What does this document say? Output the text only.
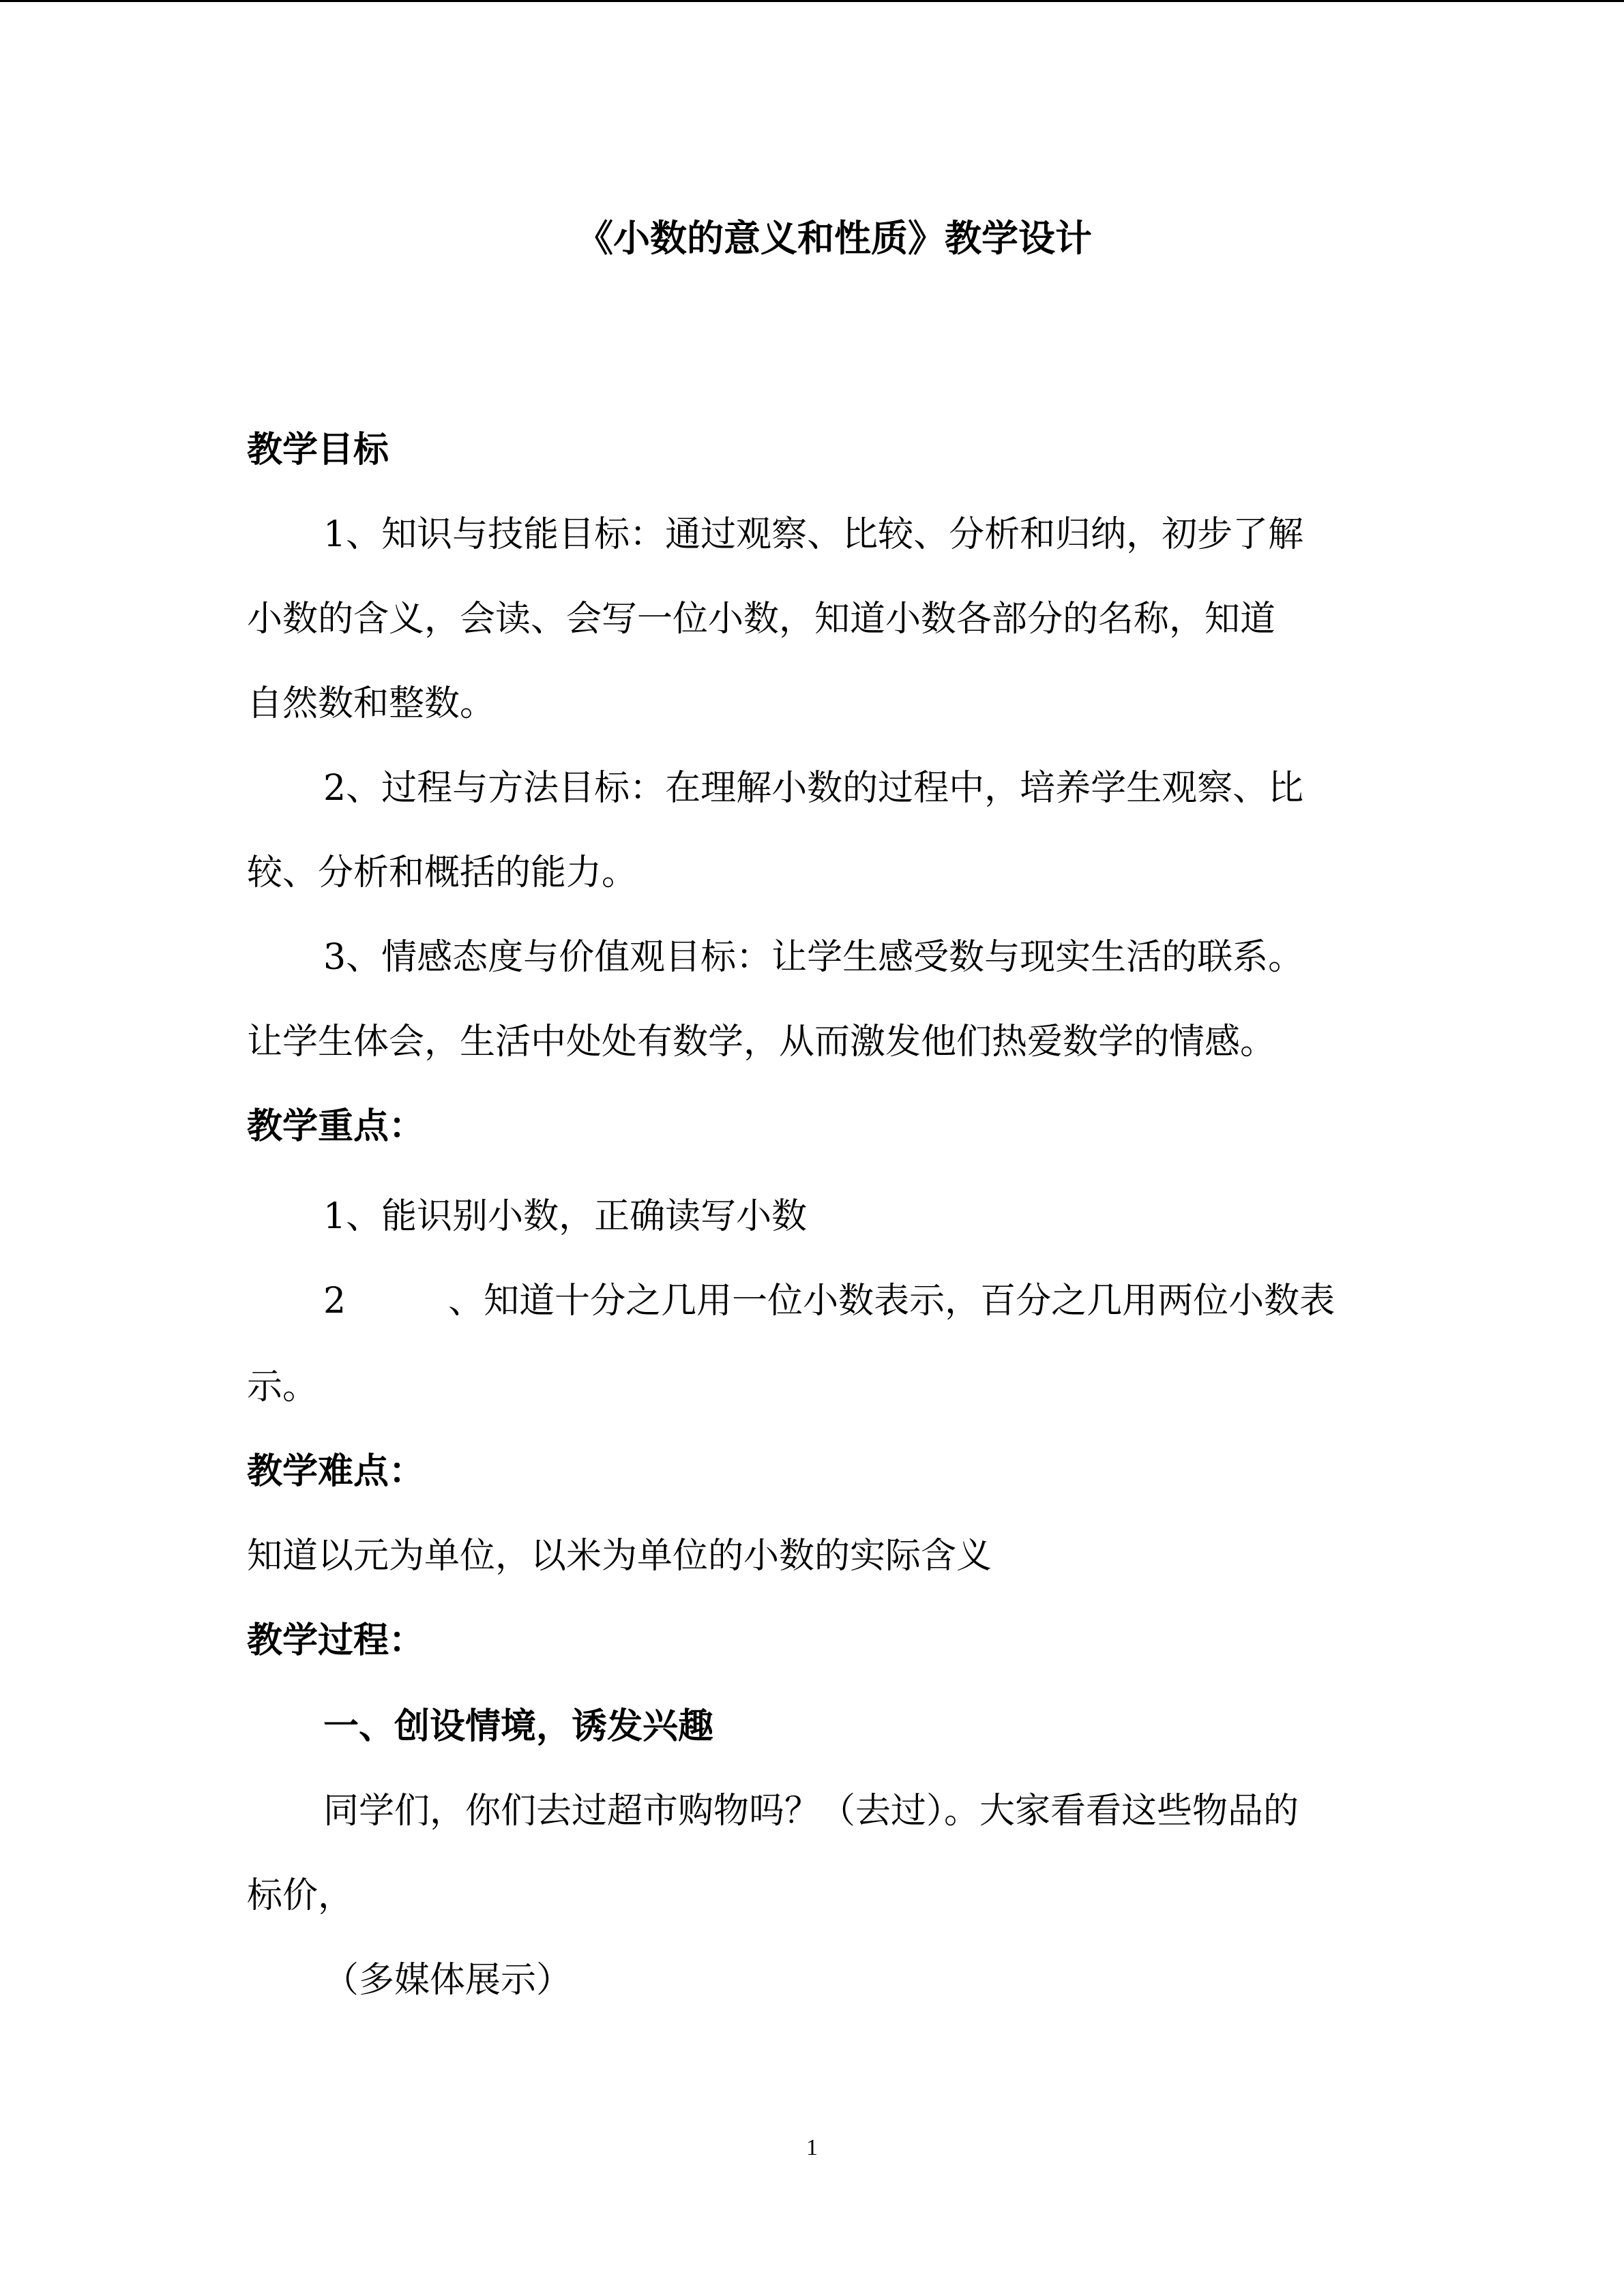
《小数的意义和性质》教学设计
教学目标

1、知识与技能目标：通过观察、比较、分析和归纳，初步了解

小数的含义，会读、会写一位小数，知道小数各部分的名称，知道

自然数和整数。

2、过程与方法目标：在理解小数的过程中，培养学生观察、比

较、分析和概括的能力。

3、情感态度与价值观目标：让学生感受数与现实生活的联系。

让学生体会，生活中处处有数学，从而激发他们热爱数学的情感。

教学重点：

1、能识别小数，正确读写小数

2	、知道十分之几用一位小数表示，百分之几用两位小数表

示。

教学难点：

知道以元为单位，以米为单位的小数的实际含义

教学过程：
一、创设情境，诱发兴趣

同学们，你们去过超市购物吗？（去过）。大家看看这些物品的

标价，

（多媒体展示）

1
